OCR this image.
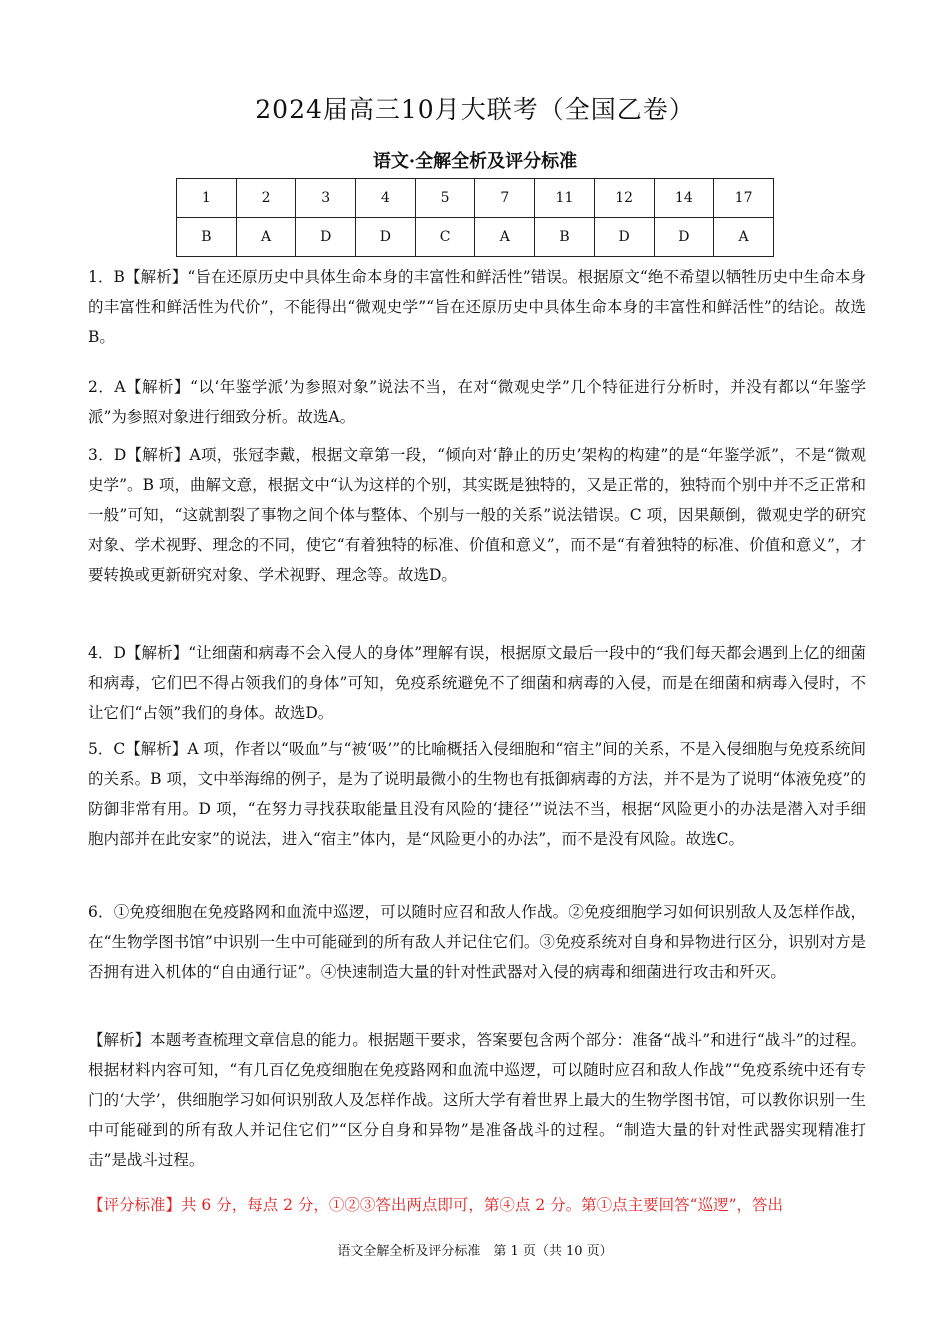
2024届高三10月大联考（全国乙卷）
语文·全解全析及评分标准
1	2	3	4	5	7	11	12	14	17
B	A	D	D	C	A	B	D	D	A
1．B【解析】“旨在还原历史中具体生命本身的丰富性和鲜活性”错误。根据原文“绝不希望以牺牲历史中生命本身的丰富性和鲜活性为代价”，不能得出“微观史学”“旨在还原历史中具体生命本身的丰富性和鲜活性”的结论。故选B。
2．A【解析】“以‘年鉴学派’为参照对象”说法不当，在对“微观史学”几个特征进行分析时，并没有都以“年鉴学派”为参照对象进行细致分析。故选A。
3．D【解析】A项，张冠李戴，根据文章第一段，“倾向对‘静止的历史’架构的构建”的是“年鉴学派”，不是“微观史学”。B 项，曲解文意，根据文中“认为这样的个别，其实既是独特的，又是正常的，独特而个别中并不乏正常和一般”可知，“这就割裂了事物之间个体与整体、个别与一般的关系”说法错误。C 项，因果颠倒，微观史学的研究对象、学术视野、理念的不同，使它“有着独特的标准、价值和意义”，而不是“有着独特的标准、价值和意义”，才要转换或更新研究对象、学术视野、理念等。故选D。
4．D【解析】“让细菌和病毒不会入侵人的身体”理解有误，根据原文最后一段中的“我们每天都会遇到上亿的细菌和病毒，它们巴不得占领我们的身体”可知，免疫系统避免不了细菌和病毒的入侵，而是在细菌和病毒入侵时，不让它们“占领”我们的身体。故选D。
5．C【解析】A 项，作者以“吸血”与“被‘吸’”的比喻概括入侵细胞和“宿主”间的关系，不是入侵细胞与免疫系统间的关系。B 项，文中举海绵的例子，是为了说明最微小的生物也有抵御病毒的方法，并不是为了说明“体液免疫”的防御非常有用。D 项，“在努力寻找获取能量且没有风险的‘捷径’”说法不当，根据“风险更小的办法是潜入对手细胞内部并在此安家”的说法，进入“宿主”体内，是“风险更小的办法”，而不是没有风险。故选C。
6．①免疫细胞在免疫路网和血流中巡逻，可以随时应召和敌人作战。②免疫细胞学习如何识别敌人及怎样作战，在“生物学图书馆”中识别一生中可能碰到的所有敌人并记住它们。③免疫系统对自身和异物进行区分，识别对方是否拥有进入机体的“自由通行证”。④快速制造大量的针对性武器对入侵的病毒和细菌进行攻击和歼灭。
【解析】本题考查梳理文章信息的能力。根据题干要求，答案要包含两个部分：准备“战斗”和进行“战斗”的过程。根据材料内容可知，“有几百亿免疫细胞在免疫路网和血流中巡逻，可以随时应召和敌人作战”“免疫系统中还有专门的‘大学’，供细胞学习如何识别敌人及怎样作战。这所大学有着世界上最大的生物学图书馆，可以教你识别一生中可能碰到的所有敌人并记住它们”“区分自身和异物”是准备战斗的过程。“制造大量的针对性武器实现精准打击”是战斗过程。
【评分标准】共 6 分，每点 2 分，①②③答出两点即可，第④点 2 分。第①点主要回答“巡逻”，答出
语文全解全析及评分标准　第 1 页（共 10 页）
